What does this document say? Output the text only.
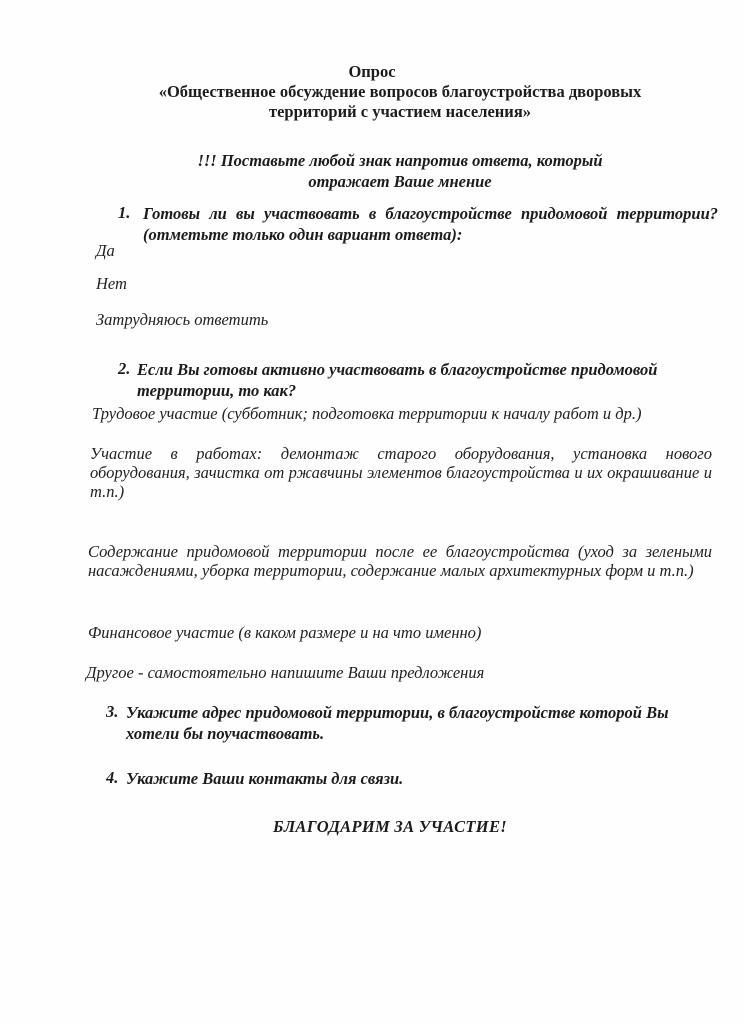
Опрос
«Общественное обсуждение вопросов благоустройства дворовых
территорий с участием населения»
!!! Поставьте любой знак напротив ответа, который
отражает Ваше мнение
1. Готовы ли вы участвовать в благоустройстве придомовой территории? (отметьте только один вариант ответа):
Да
Нет
Затрудняюсь ответить
2. Если Вы готовы активно участвовать в благоустройстве придомовой территории, то как?
Трудовое участие (субботник; подготовка территории к началу работ и др.)
Участие в работах: демонтаж старого оборудования, установка нового оборудования, зачистка от ржавчины элементов благоустройства и их окрашивание и т.п.)
Содержание придомовой территории после ее благоустройства (уход за зелеными насаждениями, уборка территории, содержание малых архитектурных форм и т.п.)
Финансовое участие (в каком размере и на что именно)
Другое - самостоятельно напишите Ваши предложения
3. Укажите адрес придомовой территории, в благоустройстве которой Вы хотели бы поучаствовать.
4. Укажите Ваши контакты для связи.
БЛАГОДАРИМ ЗА УЧАСТИЕ!
